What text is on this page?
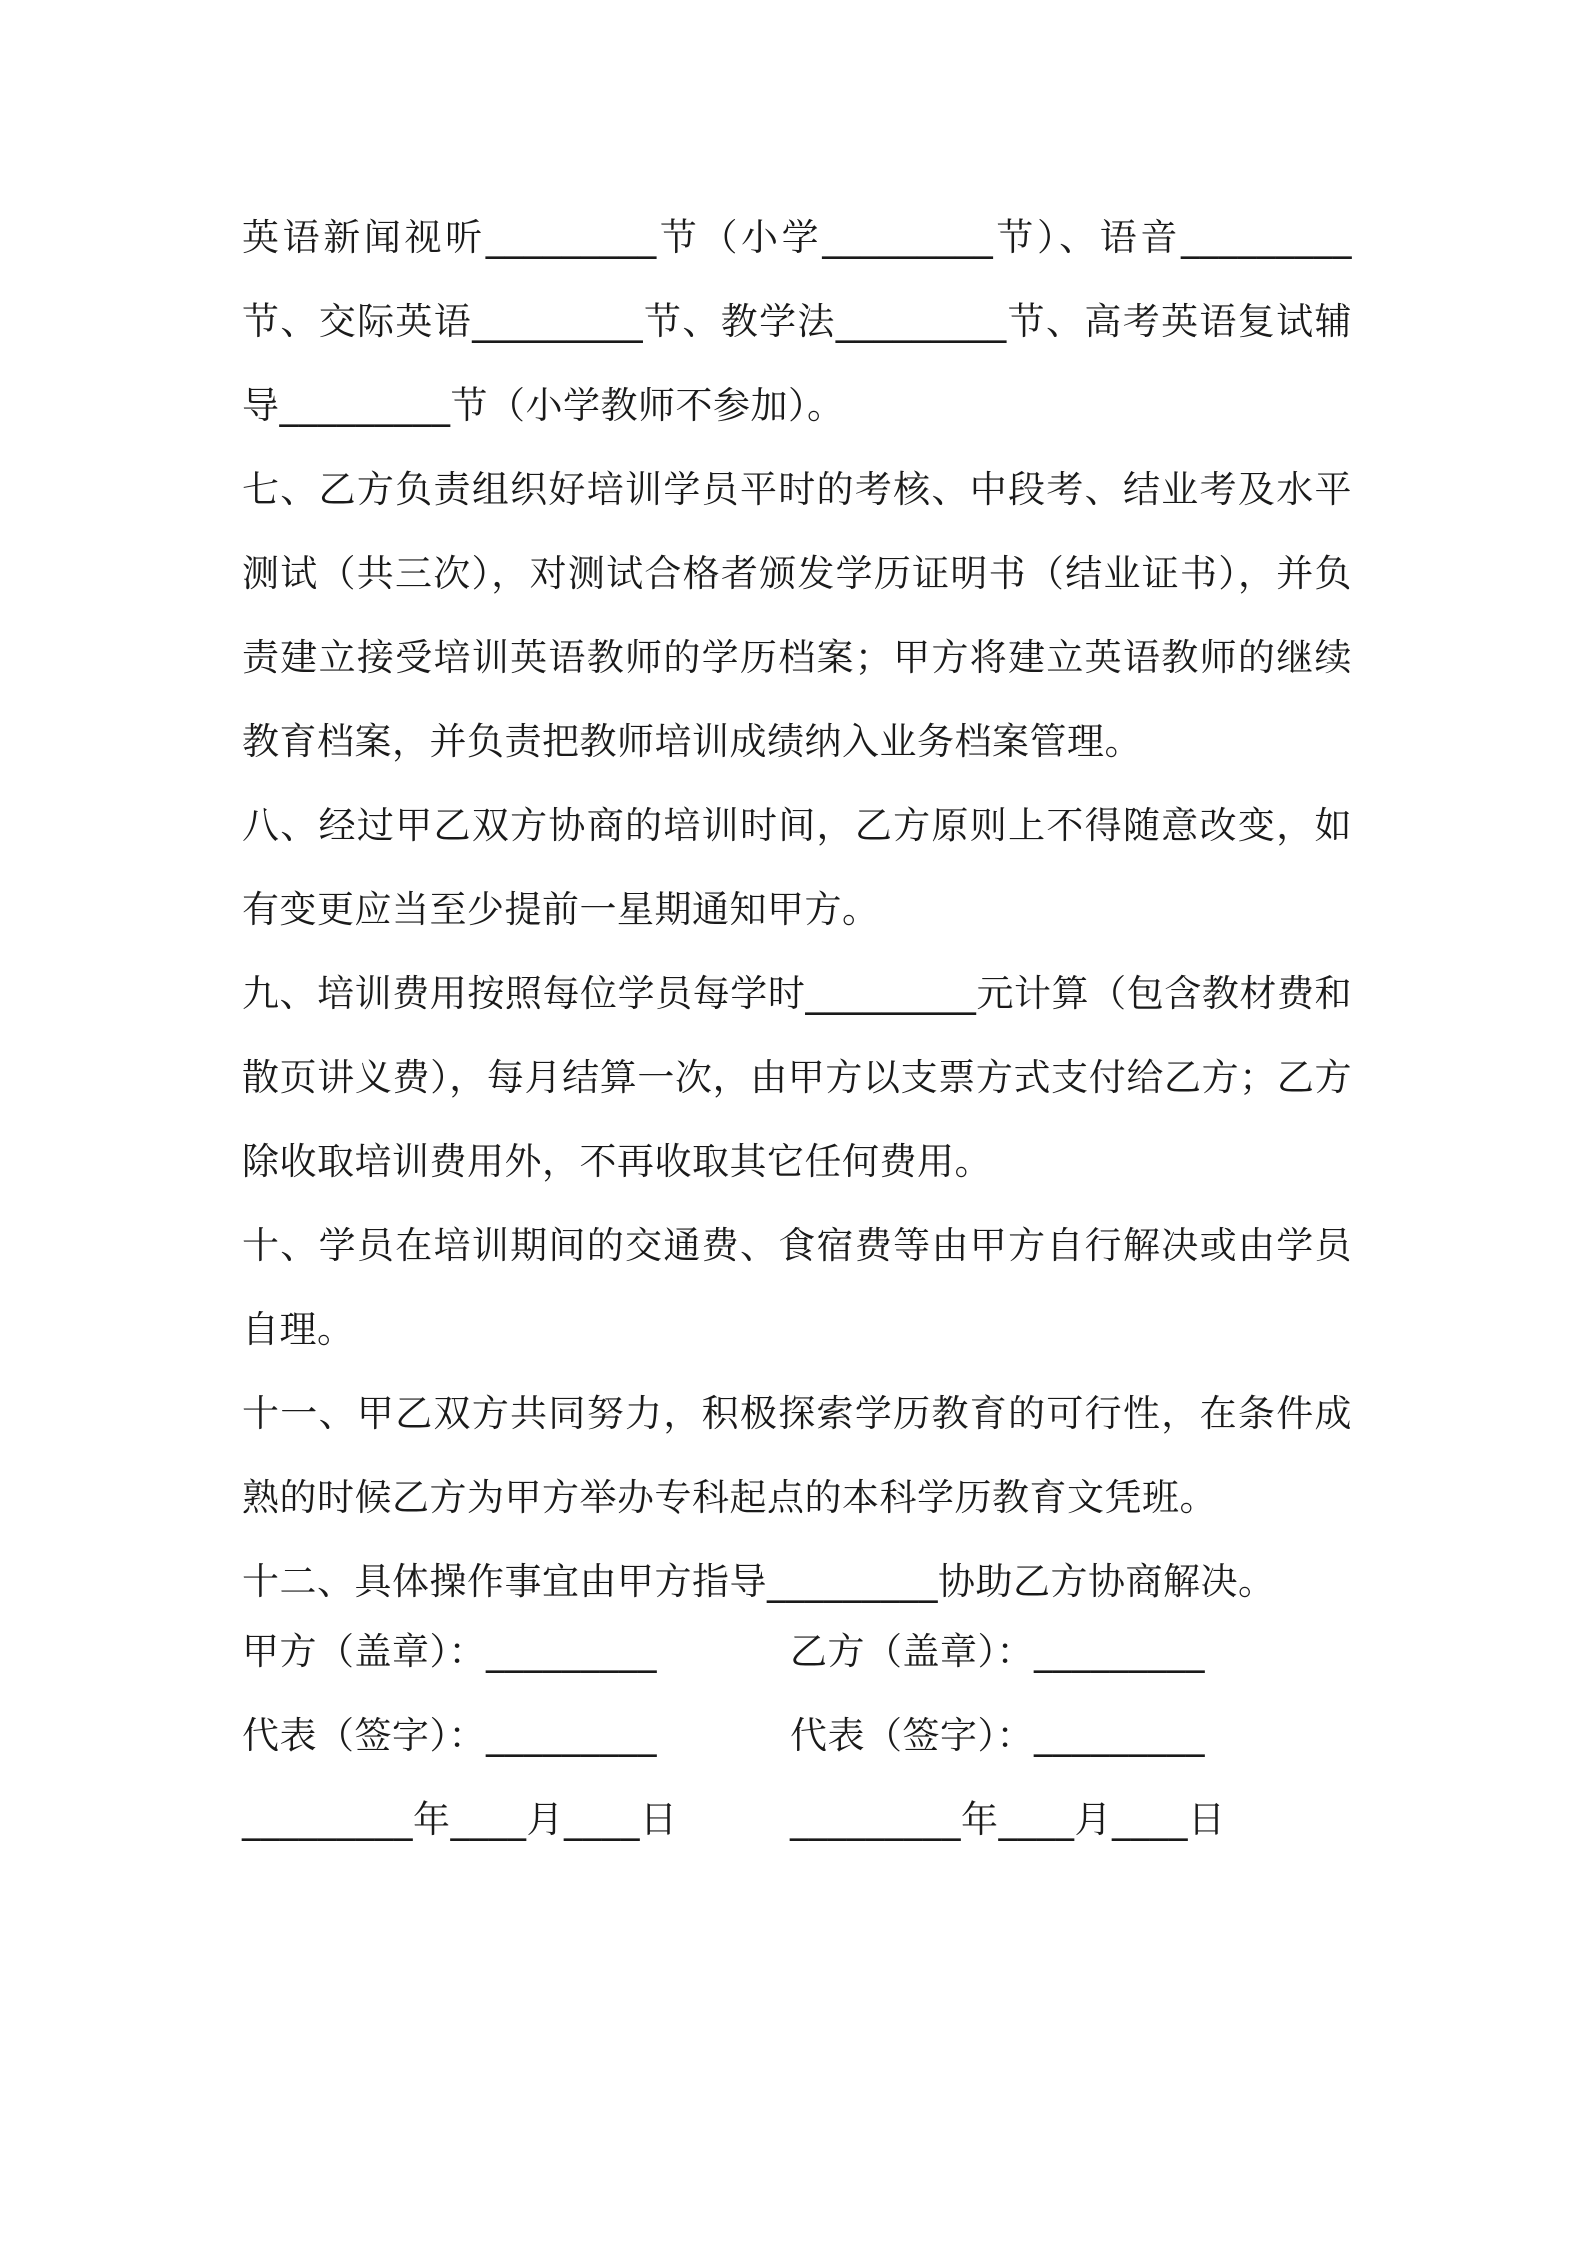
英语新闻视听_________节（小学_________节）、语音_________节、交际英语_________节、教学法_________节、高考英语复试辅导_________节（小学教师不参加）。

七、乙方负责组织好培训学员平时的考核、中段考、结业考及水平测试（共三次），对测试合格者颁发学历证明书（结业证书），并负责建立接受培训英语教师的学历档案；甲方将建立英语教师的继续教育档案，并负责把教师培训成绩纳入业务档案管理。

八、经过甲乙双方协商的培训时间，乙方原则上不得随意改变，如有变更应当至少提前一星期通知甲方。

九、培训费用按照每位学员每学时_________元计算（包含教材费和散页讲义费），每月结算一次，由甲方以支票方式支付给乙方；乙方除收取培训费用外，不再收取其它任何费用。

十、学员在培训期间的交通费、食宿费等由甲方自行解决或由学员自理。

十一、甲乙双方共同努力，积极探索学历教育的可行性，在条件成熟的时候乙方为甲方举办专科起点的本科学历教育文凭班。

十二、具体操作事宜由甲方指导_________协助乙方协商解决。

甲方（盖章）：_________	乙方（盖章）：_________
代表（签字）：_________	代表（签字）：_________
_________年____月____日	_________年____月____日
